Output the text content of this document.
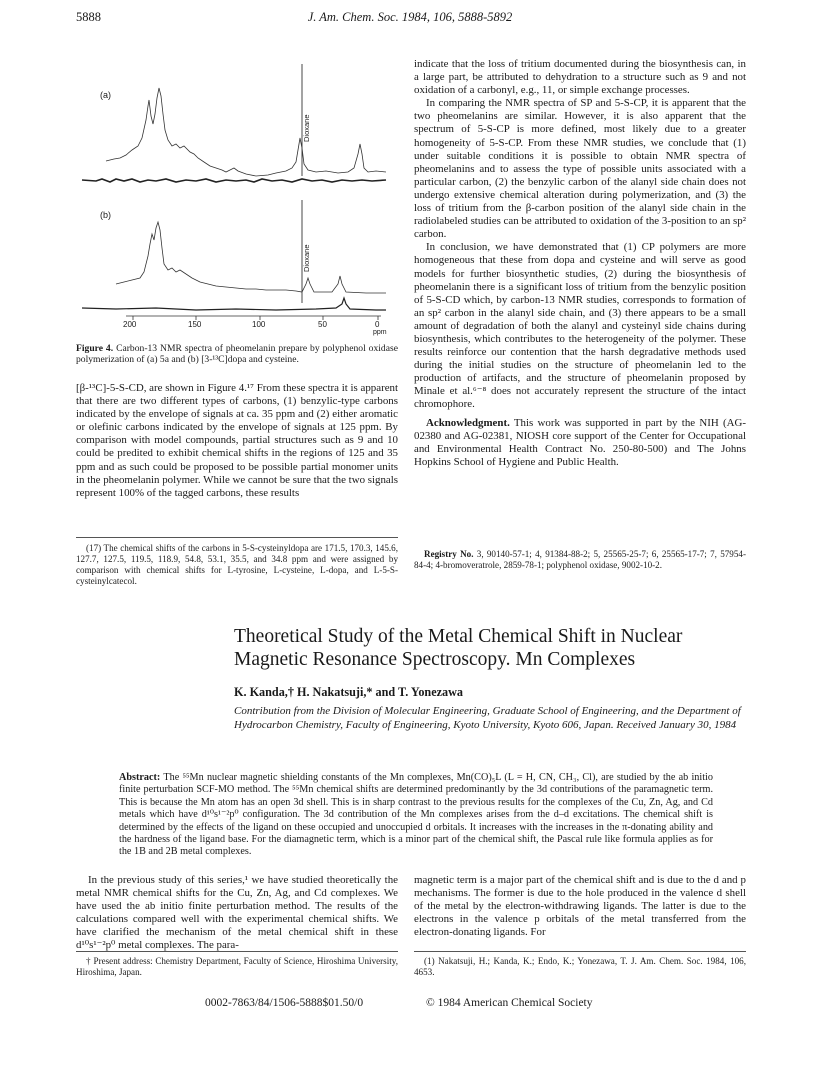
5888	J. Am. Chem. Soc. 1984, 106, 5888-5892
(a)
(b)
Dioxane
Dioxane
200	150	100	50	0
ppm
Figure 4. Carbon-13 NMR spectra of pheomelanin prepare by polyphenol oxidase polymerization of (a) 5a and (b) [3-¹³C]dopa and cysteine.

[β-¹³C]-5-S-CD, are shown in Figure 4.¹⁷ From these spectra it is apparent that there are two different types of carbons, (1) benzylic-type carbons indicated by the envelope of signals at ca. 35 ppm and (2) either aromatic or olefinic carbons indicated by the envelope of signals at 125 ppm. By comparison with model compounds, partial structures such as 9 and 10 could be predited to exhibit chemical shifts in the regions of 125 and 35 ppm and as such could be proposed to be possible partial monomer units in the pheomelanin polymer. While we cannot be sure that the two signals represent 100% of the tagged carbons, these results

(17) The chemical shifts of the carbons in 5-S-cysteinyldopa are 171.5, 170.3, 145.6, 127.7, 127.5, 119.5, 118.9, 54.8, 53.1, 35.5, and 34.8 ppm and were assigned by comparison with chemical shifts for L-tyrosine, L-cysteine, L-dopa, and L-5-S-cysteinylcatecol.

indicate that the loss of tritium documented during the biosynthesis can, in a large part, be attributed to dehydration to a structure such as 9 and not oxidation of a carbonyl, e.g., 11, or simple exchange processes.

In comparing the NMR spectra of SP and 5-S-CP, it is apparent that the two pheomelanins are similar. However, it is also apparent that the spectrum of 5-S-CP is more defined, most likely due to a greater homogeneity of 5-S-CP. From these NMR studies, we conclude that (1) under suitable conditions it is possible to obtain NMR spectra of pheomelanins and to assess the type of possible units associated with a particular carbon, (2) the benzylic carbon of the alanyl side chain does not undergo extensive chemical alteration during polymerization, and (3) the loss of tritium from the β-carbon position of the alanyl side chain in the radiolabeled studies can be attributed to oxidation of the 3-position to an sp² carbon.

In conclusion, we have demonstrated that (1) CP polymers are more homogeneous that these from dopa and cysteine and will serve as good models for further biosynthetic studies, (2) during the biosynthesis of pheomelanin there is a significant loss of tritium from the benzylic position of 5-S-CD which, by carbon-13 NMR studies, corresponds to formation of an sp² carbon in the alanyl side chain, and (3) there appears to be a small amount of degradation of both the alanyl and cysteinyl side chains during biosynthesis, which contributes to the heterogeneity of the polymer. These results reinforce our contention that the harsh degradative methods used during the initial studies on the structure of pheomelanin led to the production of artifacts, and the structure of pheomelanin proposed by Minale et al.⁶⁻⁸ does not accurately represent the structure of the intact chromophore.

Acknowledgment. This work was supported in part by the NIH (AG-02380 and AG-02381, NIOSH core support of the Center for Occupational and Environmental Health Contract No. 250-80-500) and The Johns Hopkins School of Hygiene and Public Health.

Registry No. 3, 90140-57-1; 4, 91384-88-2; 5, 25565-25-7; 6, 25565-17-7; 7, 57954-84-4; 4-bromoveratrole, 2859-78-1; polyphenol oxidase, 9002-10-2.

Theoretical Study of the Metal Chemical Shift in Nuclear
Magnetic Resonance Spectroscopy. Mn Complexes
K. Kanda,† H. Nakatsuji,* and T. Yonezawa
Contribution from the Division of Molecular Engineering, Graduate School of Engineering, and the Department of Hydrocarbon Chemistry, Faculty of Engineering, Kyoto University, Kyoto 606, Japan. Received January 30, 1984
Abstract: The ⁵⁵Mn nuclear magnetic shielding constants of the Mn complexes, Mn(CO)₅L (L = H, CN, CH₃, Cl), are studied by the ab initio finite perturbation SCF-MO method. The ⁵⁵Mn chemical shifts are determined predominantly by the 3d contributions of the paramagnetic term. This is because the Mn atom has an open 3d shell. This is in sharp contrast to the previous results for the complexes of the Cu, Zn, Ag, and Cd metals which have d¹⁰s¹⁻²p⁰ configuration. The 3d contribution of the Mn complexes arises from the d–d excitations. The chemical shift is determined by the effects of the ligand on these occupied and unoccupied d orbitals. It increases with the increases in the π-donating ability and the hardness of the ligand base. For the diamagnetic term, which is a minor part of the chemical shift, the Pascal rule like formula applies as for the 1B and 2B metal complexes.

In the previous study of this series,¹ we have studied theoretically the metal NMR chemical shifts for the Cu, Zn, Ag, and Cd complexes. We have used the ab initio finite perturbation method. The results of the calculations compared well with the experimental chemical shifts. We have clarified the mechanism of the metal chemical shift in these d¹⁰s¹⁻²p⁰ metal complexes. The para-

magnetic term is a major part of the chemical shift and is due to the d and p mechanisms. The former is due to the hole produced in the valence d shell of the metal by the electron-withdrawing ligands. The latter is due to the electrons in the valence p orbitals of the metal transferred from the electron-donating ligands. For

† Present address: Chemistry Department, Faculty of Science, Hiroshima University, Hiroshima, Japan.

(1) Nakatsuji, H.; Kanda, K.; Endo, K.; Yonezawa, T. J. Am. Chem. Soc. 1984, 106, 4653.

0002-7863/84/1506-5888$01.50/0	© 1984 American Chemical Society
